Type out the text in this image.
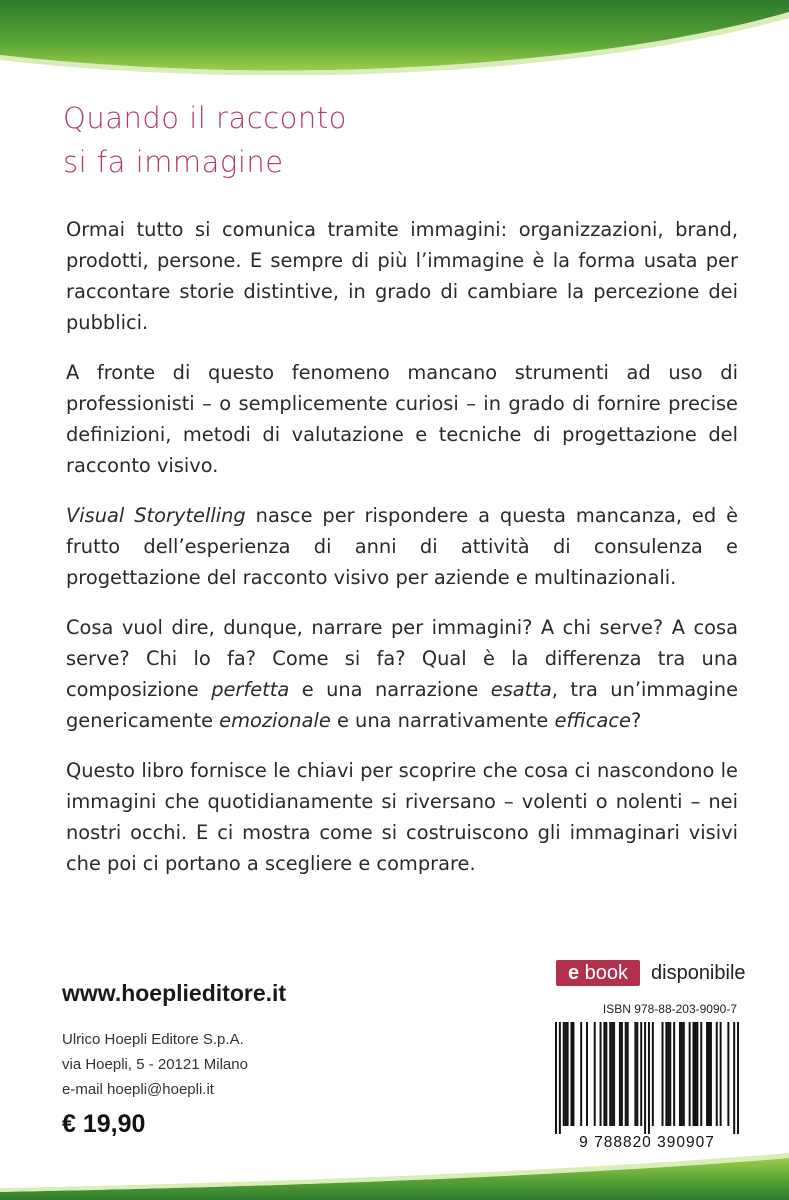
Quando il racconto
si fa immagine

Ormai tutto si comunica tramite immagini: organizzazioni, brand, prodotti, persone. E sempre di più l’immagine è la forma usata per raccontare storie distintive, in grado di cambiare la percezione dei pubblici.

A fronte di questo fenomeno mancano strumenti ad uso di professionisti – o semplicemente curiosi – in grado di fornire precise definizioni, metodi di valutazione e tecniche di progettazione del racconto visivo.

Visual Storytelling nasce per rispondere a questa mancanza, ed è frutto dell’esperienza di anni di attività di consulenza e progettazione del racconto visivo per aziende e multinazionali.

Cosa vuol dire, dunque, narrare per immagini? A chi serve? A cosa serve? Chi lo fa? Come si fa? Qual è la differenza tra una composizione perfetta e una narrazione esatta, tra un’immagine genericamente emozionale e una narrativamente efficace?

Questo libro fornisce le chiavi per scoprire che cosa ci nascondono le immagini che quotidianamente si riversano – volenti o nolenti – nei nostri occhi. E ci mostra come si costruiscono gli immaginari visivi che poi ci portano a scegliere e comprare.

e book	disponibile
www.hoeplieditore.it
Ulrico Hoepli Editore S.p.A.
via Hoepli, 5 - 20121 Milano
e-mail hoepli@hoepli.it
€ 19,90
ISBN 978-88-203-9090-7
9 788820 390907
